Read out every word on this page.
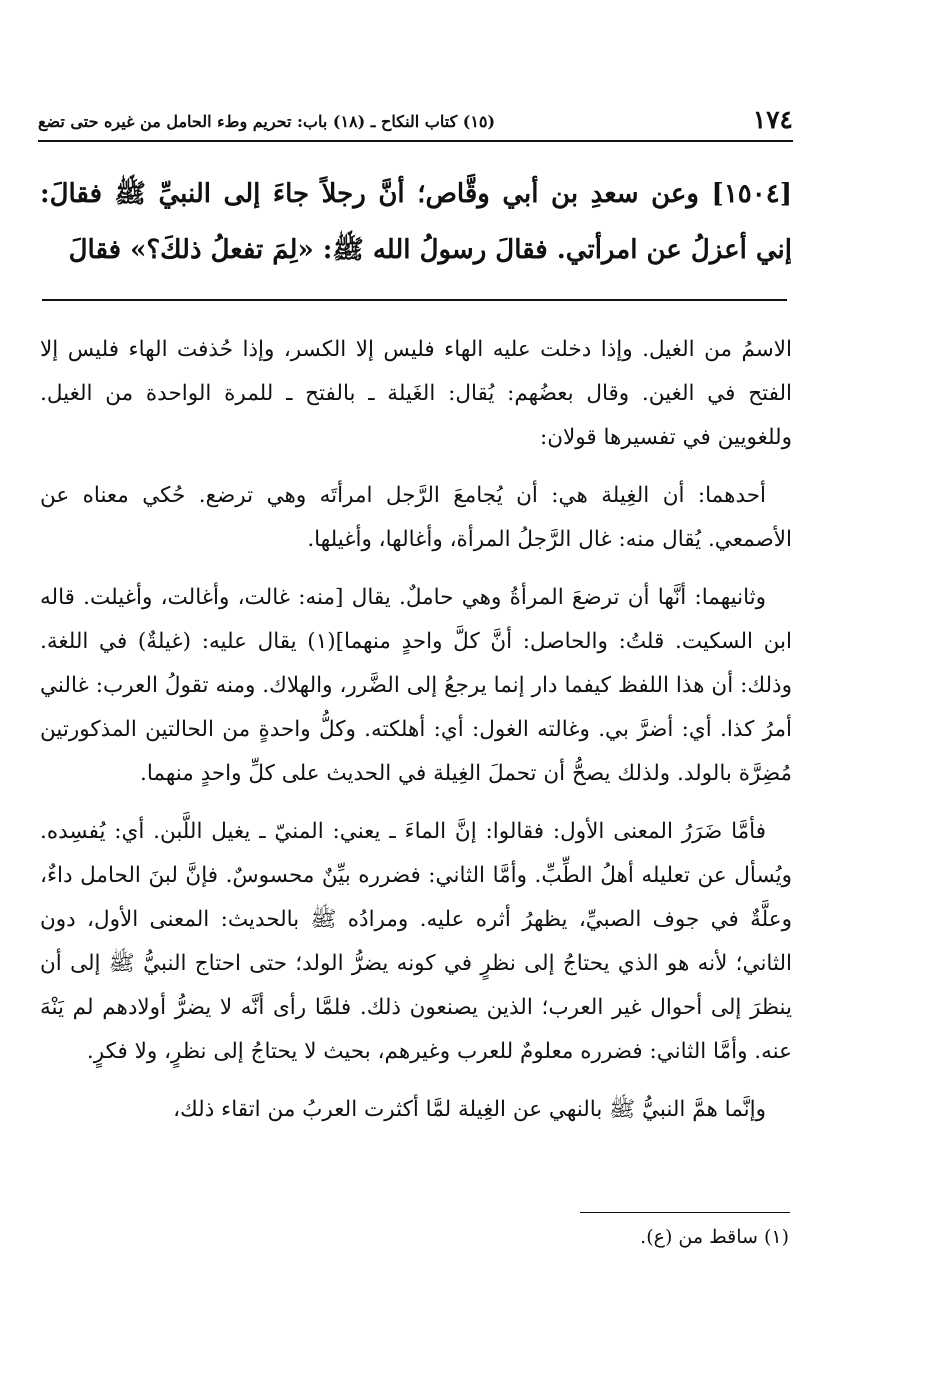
١٧٤
(١٥) كتاب النكاح ـ (١٨) باب: تحريم وطء الحامل من غيره حتى تضع

[١٥٠٤] وعن سعدِ بن أبي وقَّاص؛ أنَّ رجلاً جاءَ إلى النبيِّ ﷺ فقالَ: إني أعزلُ عن امرأتي. فقالَ رسولُ الله ﷺ: «لِمَ تفعلُ ذلكَ؟» فقالَ

الاسمُ من الغيل. وإذا دخلت عليه الهاء فليس إلا الكسر، وإذا حُذفت الهاء فليس إلا الفتح في الغين. وقال بعضُهم: يُقال: الغَيلة ـ بالفتح ـ للمرة الواحدة من الغيل. وللغويين في تفسيرها قولان:

أحدهما: أن الغِيلة هي: أن يُجامعَ الرَّجل امرأتَه وهي ترضع. حُكي معناه عن الأصمعي. يُقال منه: غال الرَّجلُ المرأة، وأغالها، وأغيلها.

وثانيهما: أنَّها أن ترضعَ المرأةُ وهي حاملٌ. يقال [منه: غالت، وأغالت، وأغيلت. قاله ابن السكيت. قلتُ: والحاصل: أنَّ كلَّ واحدٍ منهما](١) يقال عليه: (غيلةٌ) في اللغة. وذلك: أن هذا اللفظ كيفما دار إنما يرجعُ إلى الضَّرر، والهلاك. ومنه تقولُ العرب: غالني أمرُ كذا. أي: أضرَّ بي. وغالته الغول: أي: أهلكته. وكلُّ واحدةٍ من الحالتين المذكورتين مُضِرَّة بالولد. ولذلك يصحُّ أن تحملَ الغِيلة في الحديث على كلِّ واحدٍ منهما.

فأمَّا ضَرَرُ المعنى الأول: فقالوا: إنَّ الماءَ ـ يعني: المنيّ ـ يغيل اللَّبن. أي: يُفسِده. ويُسأل عن تعليله أهلُ الطِّبِّ. وأمَّا الثاني: فضرره بيِّنٌ محسوسٌ. فإنَّ لبنَ الحامل داءٌ، وعلَّةٌ في جوف الصبيِّ، يظهرُ أثره عليه. ومرادُه ﷺ بالحديث: المعنى الأول، دون الثاني؛ لأنه هو الذي يحتاجُ إلى نظرٍ في كونه يضرُّ الولد؛ حتى احتاج النبيُّ ﷺ إلى أن ينظرَ إلى أحوال غير العرب؛ الذين يصنعون ذلك. فلمَّا رأى أنَّه لا يضرُّ أولادهم لم يَنْهَ عنه. وأمَّا الثاني: فضرره معلومٌ للعرب وغيرهم، بحيث لا يحتاجُ إلى نظرٍ، ولا فكرٍ.

وإنَّما همَّ النبيُّ ﷺ بالنهي عن الغِيلة لمَّا أكثرت العربُ من اتقاء ذلك،

(١) ساقط من (ع).
